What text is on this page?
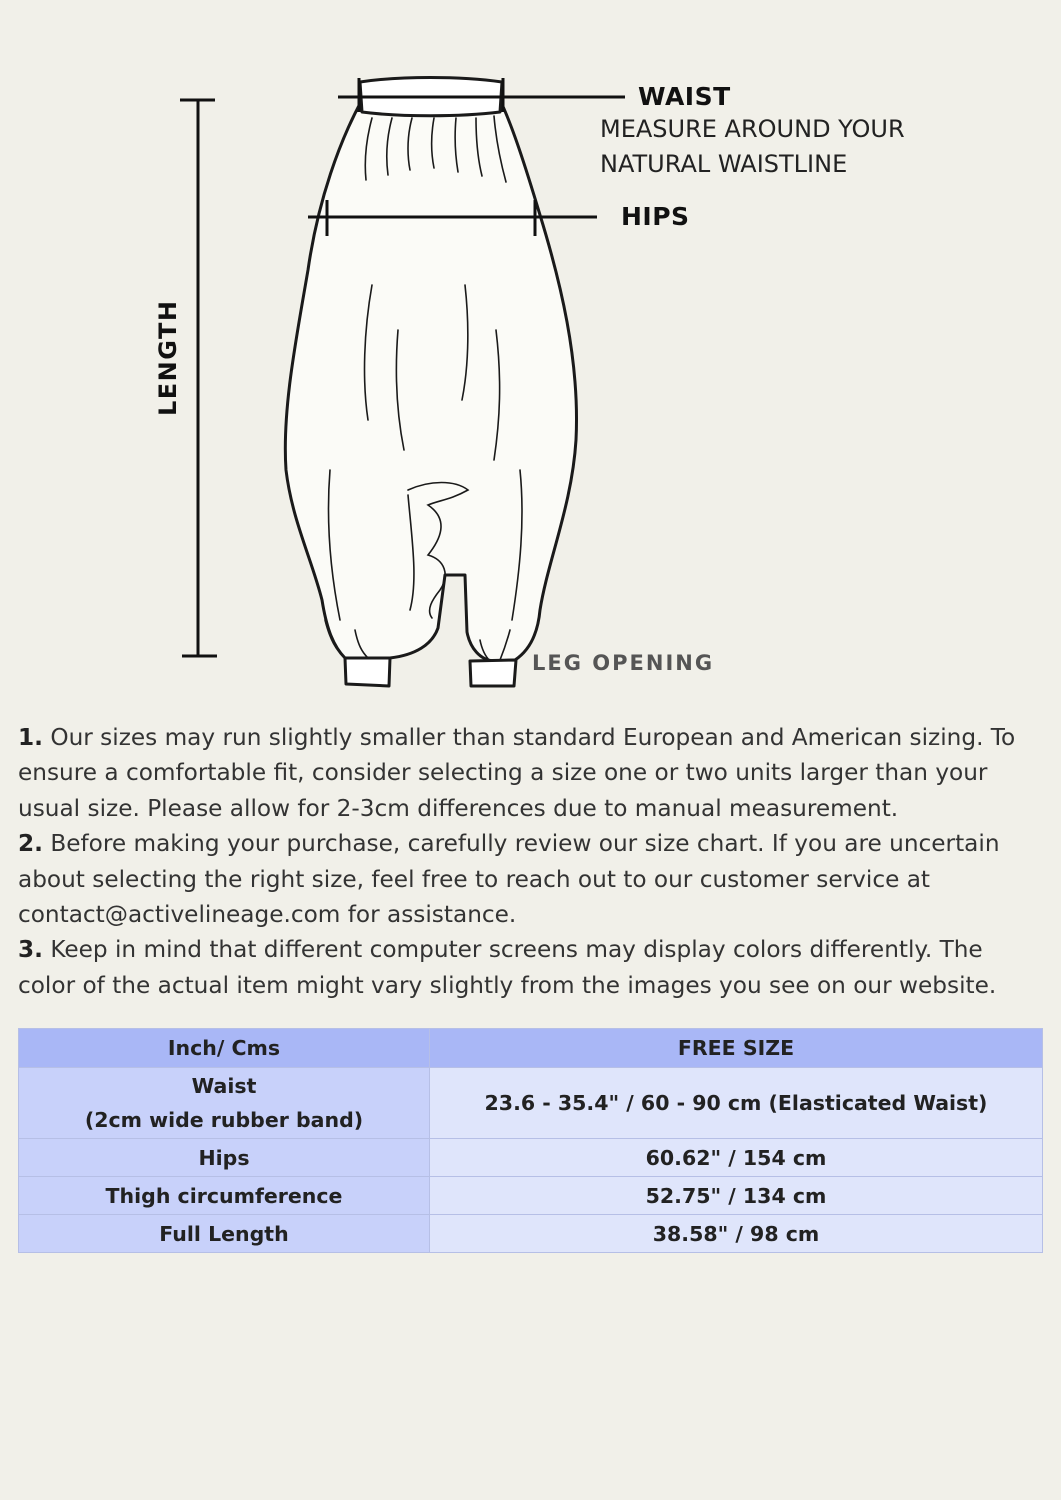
WAIST
MEASURE AROUND YOUR
NATURAL WAISTLINE
HIPS
LENGTH
LEG OPENING

1. Our sizes may run slightly smaller than standard European and American sizing. To ensure a comfortable fit, consider selecting a size one or two units larger than your usual size. Please allow for 2-3cm differences due to manual measurement.

2. Before making your purchase, carefully review our size chart. If you are uncertain about selecting the right size, feel free to reach out to our customer service at contact@activelineage.com for assistance.

3. Keep in mind that different computer screens may display colors differently. The color of the actual item might vary slightly from the images you see on our website.

Inch/ Cms	FREE SIZE

Waist
(2cm wide rubber band)	23.6 - 35.4" / 60 - 90 cm (Elasticated Waist)
Hips	60.62" / 154 cm
Thigh circumference	52.75" / 134 cm
Full Length	38.58" / 98 cm
